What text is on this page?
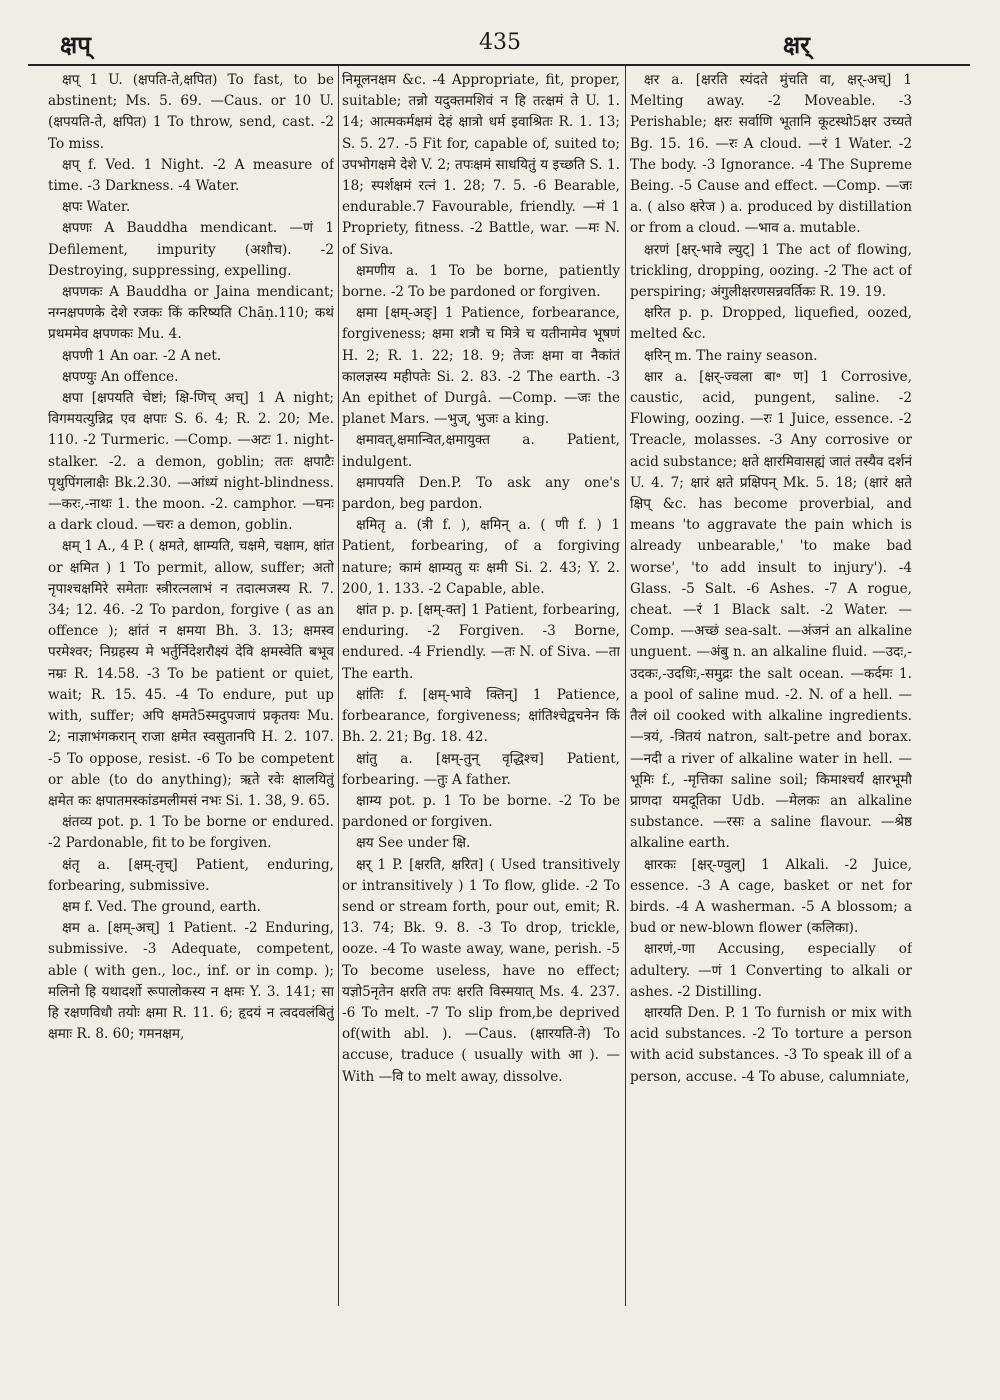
क्षप्	435	क्षर्

क्षप् 1 U. (क्षपति-ते,क्षपित) To fast, to be abstinent; Ms. 5. 69. —Caus. or 10 U. (क्षपयति-ते, क्षपित) 1 To throw, send, cast. -2 To miss.

क्षप् f. Ved. 1 Night. -2 A measure of time. -3 Darkness. -4 Water.

क्षपः Water.

क्षपणः A Bauddha mendicant. —णं 1 Defilement, impurity (अशौच). -2 Destroying, suppressing, expelling.

क्षपणकः A Bauddha or Jaina mendicant; नग्नक्षपणके देशे रजकः किं करिष्यति Chāṇ.110; कथं प्रथममेव क्षपणकः Mu. 4.

क्षपणी 1 An oar. -2 A net.

क्षपण्युः An offence.

क्षपा [क्षपयति चेष्टां; क्षि-णिच् अच्] 1 A night; विगमयत्युन्निद्र एव क्षपाः S. 6. 4; R. 2. 20; Me. 110. -2 Turmeric. —Comp. —अटः 1. night-stalker. -2. a demon, goblin; ततः क्षपाटैः पृथुपिंगलाक्षैः Bk.2.30. —आंध्यं night-blindness. —करः,-नाथः 1. the moon. -2. camphor. —घनः a dark cloud. —चरः a demon, goblin.

क्षम् 1 A., 4 P. ( क्षमते, क्षाम्यति, चक्षमे, चक्षाम, क्षांत or क्षमित ) 1 To permit, allow, suffer; अतो नृपाश्चक्षमिरे समेताः स्त्रीरत्नलाभं न तदात्मजस्य R. 7. 34; 12. 46. -2 To pardon, forgive ( as an offence ); क्षांतं न क्षमया Bh. 3. 13; क्षमस्व परमेश्वर; निग्रहस्य मे भर्तुर्निदेशरौक्ष्यं देवि क्षमस्वेति बभूव नम्रः R. 14.58. -3 To be patient or quiet, wait; R. 15. 45. -4 To endure, put up with, suffer; अपि क्षमते5स्मदुपजापं प्रकृतयः Mu. 2; नाज्ञाभंगकरान् राजा क्षमेत स्वसुतानपि H. 2. 107. -5 To oppose, resist. -6 To be competent or able (to do anything); ऋते रवेः क्षालयितुं क्षमेत कः क्षपातमस्कांडमलीमसं नभः Si. 1. 38, 9. 65.

क्षंतव्य pot. p. 1 To be borne or endured. -2 Pardonable, fit to be forgiven.

क्षंतृ a. [क्षम्-तृच्] Patient, enduring, forbearing, submissive.

क्षम f. Ved. The ground, earth.

क्षम a. [क्षम्-अच्] 1 Patient. -2 Enduring, submissive. -3 Adequate, competent, able ( with gen., loc., inf. or in comp. ); मलिनो हि यथादर्शो रूपालोकस्य न क्षमः Y. 3. 141; सा हि रक्षणविधौ तयोः क्षमा R. 11. 6; हृदयं न त्वदवलंबितुं क्षमाः R. 8. 60; गमनक्षम,

निमूलनक्षम &c. -4 Appropriate, fit, proper, suitable; तन्नो यदुक्तमशिवं न हि तत्क्षमं ते U. 1. 14; आत्मकर्मक्षमं देहं क्षात्रो धर्म इवाश्रितः R. 1. 13; S. 5. 27. -5 Fit for, capable of, suited to; उपभोगक्षमे देशे V. 2; तपःक्षमं साधयितुं य इच्छति S. 1. 18; स्पर्शक्षमं रत्नं 1. 28; 7. 5. -6 Bearable, endurable.7 Favourable, friendly. —मं 1 Propriety, fitness. -2 Battle, war. —मः N. of Siva.

क्षमणीय a. 1 To be borne, patiently borne. -2 To be pardoned or forgiven.

क्षमा [क्षम्-अङ्] 1 Patience, forbearance, forgiveness; क्षमा शत्रौ च मित्रे च यतीनामेव भूषणं H. 2; R. 1. 22; 18. 9; तेजः क्षमा वा नैकांतं कालज्ञस्य महीपतेः Si. 2. 83. -2 The earth. -3 An epithet of Durgâ. —Comp. —जः the planet Mars. —भुज्, भुजः a king.

क्षमावत्,क्षमान्वित,क्षमायुक्त a. Patient, indulgent.

क्षमापयति Den.P. To ask any one's pardon, beg pardon.

क्षमितृ a. (त्री f. ), क्षमिन् a. ( णी f. ) 1 Patient, forbearing, of a forgiving nature; कामं क्षाम्यतु यः क्षमी Si. 2. 43; Y. 2. 200, 1. 133. -2 Capable, able.

क्षांत p. p. [क्षम्-क्त] 1 Patient, forbearing, enduring. -2 Forgiven. -3 Borne, endured. -4 Friendly. —तः N. of Siva. —ता The earth.

क्षांतिः f. [क्षम्-भावे क्तिन्] 1 Patience, forbearance, forgiveness; क्षांतिश्चेद्वचनेन किं Bh. 2. 21; Bg. 18. 42.

क्षांतु a. [क्षम्-तुन् वृद्धिश्च] Patient, forbearing. —तुः A father.

क्षाम्य pot. p. 1 To be borne. -2 To be pardoned or forgiven.

क्षय See under क्षि.

क्षर् 1 P. [क्षरति, क्षरित] ( Used transitively or intransitively ) 1 To flow, glide. -2 To send or stream forth, pour out, emit; R. 13. 74; Bk. 9. 8. -3 To drop, trickle, ooze. -4 To waste away, wane, perish. -5 To become useless, have no effect; यज्ञो5नृतेन क्षरति तपः क्षरति विस्मयात् Ms. 4. 237. -6 To melt. -7 To slip from,be deprived of(with abl. ). —Caus. (क्षारयति-ते) To accuse, traduce ( usually with आ ). —With —वि to melt away, dissolve.

क्षर a. [क्षरति स्यंदते मुंचति वा, क्षर्-अच्] 1 Melting away. -2 Moveable. -3 Perishable; क्षरः सर्वाणि भूतानि कूटस्थो5क्षर उच्यते Bg. 15. 16. —रः A cloud. —रं 1 Water. -2 The body. -3 Ignorance. -4 The Supreme Being. -5 Cause and effect. —Comp. —जः a. ( also क्षरेज ) a. produced by distillation or from a cloud. —भाव a. mutable.

क्षरणं [क्षर्-भावे ल्युट्] 1 The act of flowing, trickling, dropping, oozing. -2 The act of perspiring; अंगुलीक्षरणसन्नवर्तिकः R. 19. 19.

क्षरित p. p. Dropped, liquefied, oozed, melted &c.

क्षरिन् m. The rainy season.

क्षार a. [क्षर्-ज्वला बा॰ ण] 1 Corrosive, caustic, acid, pungent, saline. -2 Flowing, oozing. —रः 1 Juice, essence. -2 Treacle, molasses. -3 Any corrosive or acid substance; क्षते क्षारमिवासह्यं जातं तस्यैव दर्शनं U. 4. 7; क्षारं क्षते प्रक्षिपन् Mk. 5. 18; (क्षारं क्षते क्षिप् &c. has become proverbial, and means 'to aggravate the pain which is already unbearable,' 'to make bad worse', 'to add insult to injury'). -4 Glass. -5 Salt. -6 Ashes. -7 A rogue, cheat. —रं 1 Black salt. -2 Water. —Comp. —अच्छं sea-salt. —अंजनं an alkaline unguent. —अंबु n. an alkaline fluid. —उदः,-उदकः,-उदधिः,-समुद्रः the salt ocean. —कर्दमः 1. a pool of saline mud. -2. N. of a hell. —तैलं oil cooked with alkaline ingredients. —त्रयं, -त्रितयं natron, salt-petre and borax. —नदी a river of alkaline water in hell. —भूमिः f., -मृत्तिका saline soil; किमाश्चर्यं क्षारभूमौ प्राणदा यमदूतिका Udb. —मेलकः an alkaline substance. —रसः a saline flavour. —श्रेष्ठ alkaline earth.

क्षारकः [क्षर्-ण्वुल्] 1 Alkali. -2 Juice, essence. -3 A cage, basket or net for birds. -4 A washerman. -5 A blossom; a bud or new-blown flower (कलिका).

क्षारणं,-णा Accusing, especially of adultery. —णं 1 Converting to alkali or ashes. -2 Distilling.

क्षारयति Den. P. 1 To furnish or mix with acid substances. -2 To torture a person with acid substances. -3 To speak ill of a person, accuse. -4 To abuse, calumniate,
